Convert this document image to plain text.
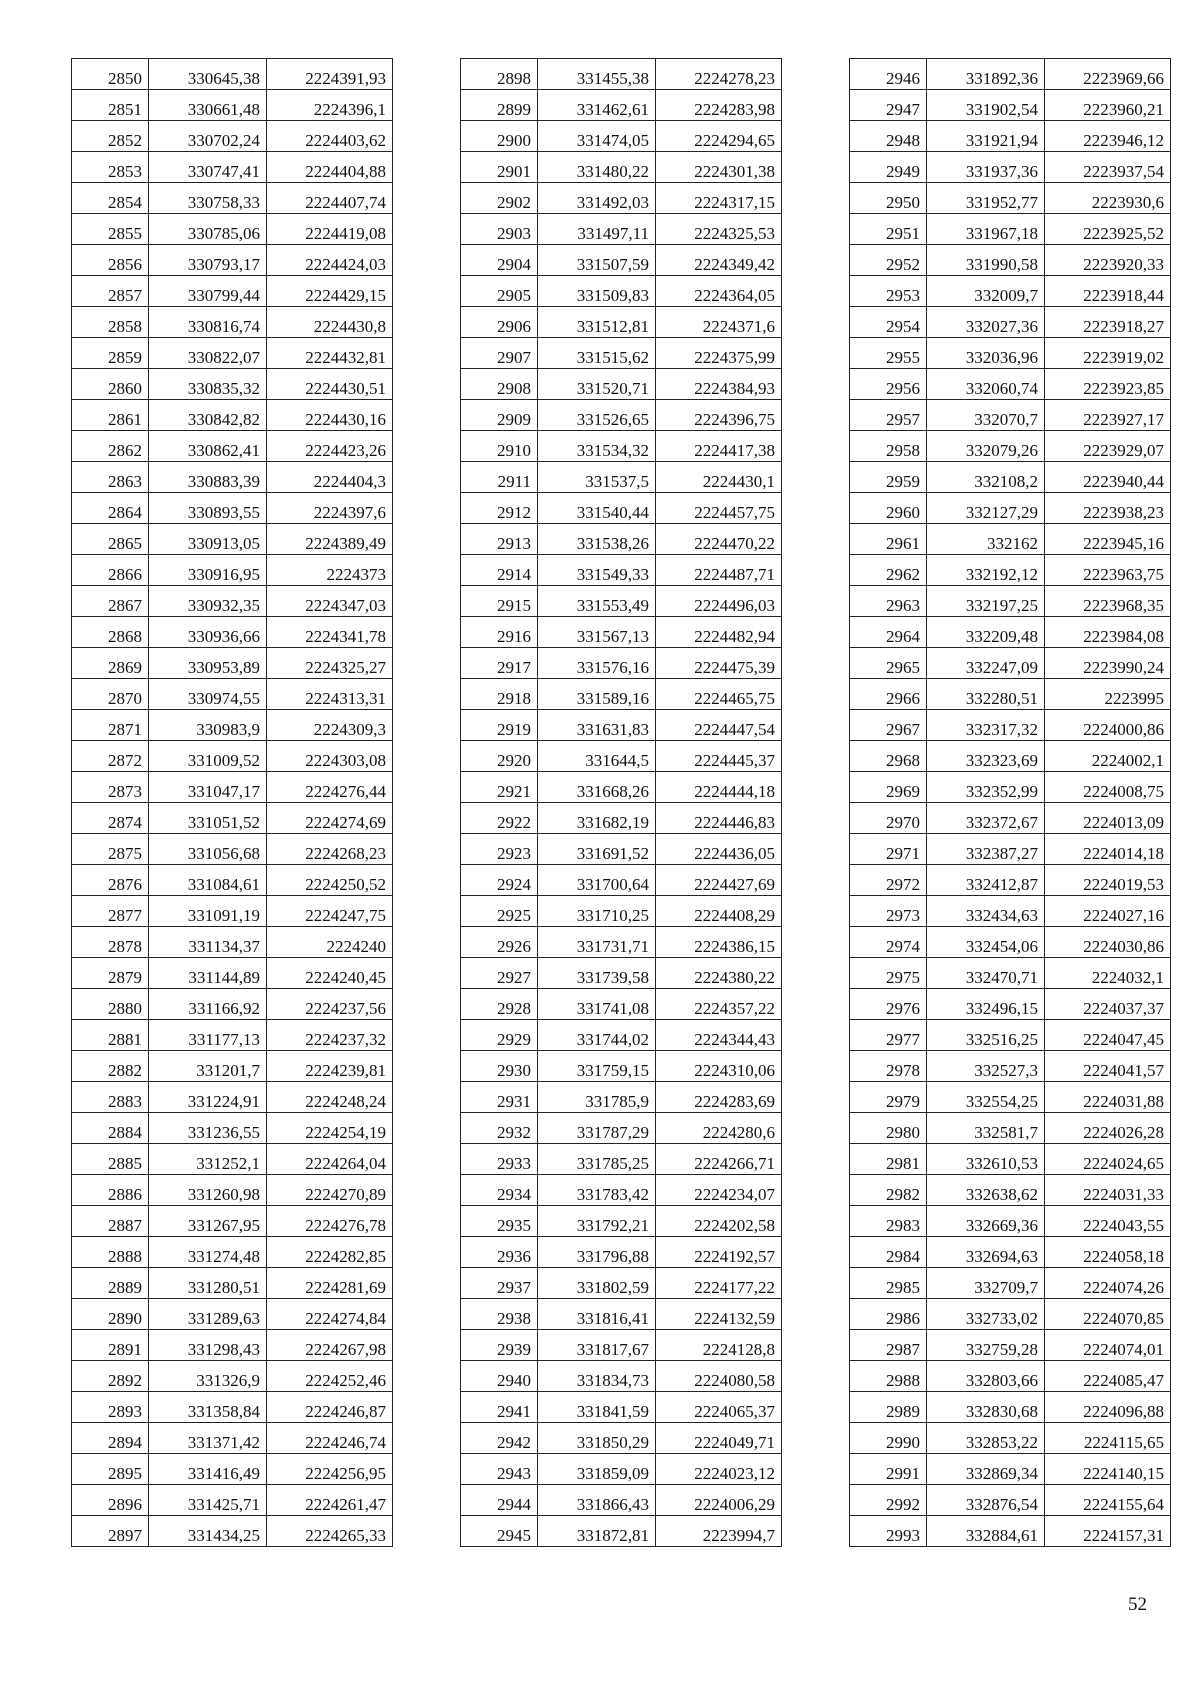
2850	330645,38	2224391,93
2851	330661,48	2224396,1
2852	330702,24	2224403,62
2853	330747,41	2224404,88
2854	330758,33	2224407,74
2855	330785,06	2224419,08
2856	330793,17	2224424,03
2857	330799,44	2224429,15
2858	330816,74	2224430,8
2859	330822,07	2224432,81
2860	330835,32	2224430,51
2861	330842,82	2224430,16
2862	330862,41	2224423,26
2863	330883,39	2224404,3
2864	330893,55	2224397,6
2865	330913,05	2224389,49
2866	330916,95	2224373
2867	330932,35	2224347,03
2868	330936,66	2224341,78
2869	330953,89	2224325,27
2870	330974,55	2224313,31
2871	330983,9	2224309,3
2872	331009,52	2224303,08
2873	331047,17	2224276,44
2874	331051,52	2224274,69
2875	331056,68	2224268,23
2876	331084,61	2224250,52
2877	331091,19	2224247,75
2878	331134,37	2224240
2879	331144,89	2224240,45
2880	331166,92	2224237,56
2881	331177,13	2224237,32
2882	331201,7	2224239,81
2883	331224,91	2224248,24
2884	331236,55	2224254,19
2885	331252,1	2224264,04
2886	331260,98	2224270,89
2887	331267,95	2224276,78
2888	331274,48	2224282,85
2889	331280,51	2224281,69
2890	331289,63	2224274,84
2891	331298,43	2224267,98
2892	331326,9	2224252,46
2893	331358,84	2224246,87
2894	331371,42	2224246,74
2895	331416,49	2224256,95
2896	331425,71	2224261,47
2897	331434,25	2224265,33
2898	331455,38	2224278,23
2899	331462,61	2224283,98
2900	331474,05	2224294,65
2901	331480,22	2224301,38
2902	331492,03	2224317,15
2903	331497,11	2224325,53
2904	331507,59	2224349,42
2905	331509,83	2224364,05
2906	331512,81	2224371,6
2907	331515,62	2224375,99
2908	331520,71	2224384,93
2909	331526,65	2224396,75
2910	331534,32	2224417,38
2911	331537,5	2224430,1
2912	331540,44	2224457,75
2913	331538,26	2224470,22
2914	331549,33	2224487,71
2915	331553,49	2224496,03
2916	331567,13	2224482,94
2917	331576,16	2224475,39
2918	331589,16	2224465,75
2919	331631,83	2224447,54
2920	331644,5	2224445,37
2921	331668,26	2224444,18
2922	331682,19	2224446,83
2923	331691,52	2224436,05
2924	331700,64	2224427,69
2925	331710,25	2224408,29
2926	331731,71	2224386,15
2927	331739,58	2224380,22
2928	331741,08	2224357,22
2929	331744,02	2224344,43
2930	331759,15	2224310,06
2931	331785,9	2224283,69
2932	331787,29	2224280,6
2933	331785,25	2224266,71
2934	331783,42	2224234,07
2935	331792,21	2224202,58
2936	331796,88	2224192,57
2937	331802,59	2224177,22
2938	331816,41	2224132,59
2939	331817,67	2224128,8
2940	331834,73	2224080,58
2941	331841,59	2224065,37
2942	331850,29	2224049,71
2943	331859,09	2224023,12
2944	331866,43	2224006,29
2945	331872,81	2223994,7
2946	331892,36	2223969,66
2947	331902,54	2223960,21
2948	331921,94	2223946,12
2949	331937,36	2223937,54
2950	331952,77	2223930,6
2951	331967,18	2223925,52
2952	331990,58	2223920,33
2953	332009,7	2223918,44
2954	332027,36	2223918,27
2955	332036,96	2223919,02
2956	332060,74	2223923,85
2957	332070,7	2223927,17
2958	332079,26	2223929,07
2959	332108,2	2223940,44
2960	332127,29	2223938,23
2961	332162	2223945,16
2962	332192,12	2223963,75
2963	332197,25	2223968,35
2964	332209,48	2223984,08
2965	332247,09	2223990,24
2966	332280,51	2223995
2967	332317,32	2224000,86
2968	332323,69	2224002,1
2969	332352,99	2224008,75
2970	332372,67	2224013,09
2971	332387,27	2224014,18
2972	332412,87	2224019,53
2973	332434,63	2224027,16
2974	332454,06	2224030,86
2975	332470,71	2224032,1
2976	332496,15	2224037,37
2977	332516,25	2224047,45
2978	332527,3	2224041,57
2979	332554,25	2224031,88
2980	332581,7	2224026,28
2981	332610,53	2224024,65
2982	332638,62	2224031,33
2983	332669,36	2224043,55
2984	332694,63	2224058,18
2985	332709,7	2224074,26
2986	332733,02	2224070,85
2987	332759,28	2224074,01
2988	332803,66	2224085,47
2989	332830,68	2224096,88
2990	332853,22	2224115,65
2991	332869,34	2224140,15
2992	332876,54	2224155,64
2993	332884,61	2224157,31
52
